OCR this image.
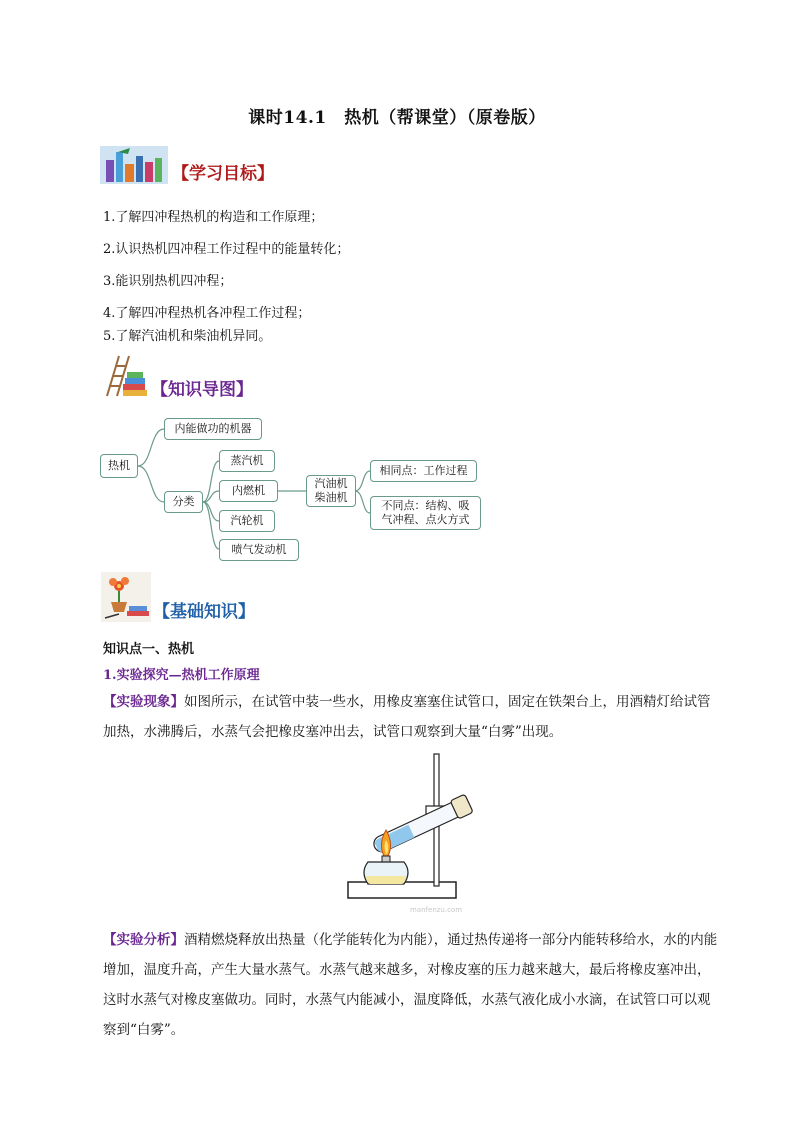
课时14.1　热机（帮课堂）（原卷版）
【学习目标】
1.了解四冲程热机的构造和工作原理；
2.认识热机四冲程工作过程中的能量转化；
3.能识别热机四冲程；
4.了解四冲程热机各冲程工作过程；
5.了解汽油机和柴油机异同。
【知识导图】
热机
内能做功的机器
分类
蒸汽机
内燃机
汽轮机
喷气发动机
汽油机
柴油机
相同点：工作过程
不同点：结构、吸
气冲程、点火方式
【基础知识】
知识点一、热机
1.实验探究—热机工作原理
【实验现象】如图所示，在试管中装一些水，用橡皮塞塞住试管口，固定在铁架台上，用酒精灯给试管加热，水沸腾后，水蒸气会把橡皮塞冲出去，试管口观察到大量“白雾”出现。
manfenzu.com
【实验分析】酒精燃烧释放出热量（化学能转化为内能），通过热传递将一部分内能转移给水，水的内能增加，温度升高，产生大量水蒸气。水蒸气越来越多，对橡皮塞的压力越来越大，最后将橡皮塞冲出，这时水蒸气对橡皮塞做功。同时，水蒸气内能减小，温度降低，水蒸气液化成小水滴，在试管口可以观察到“白雾”。
